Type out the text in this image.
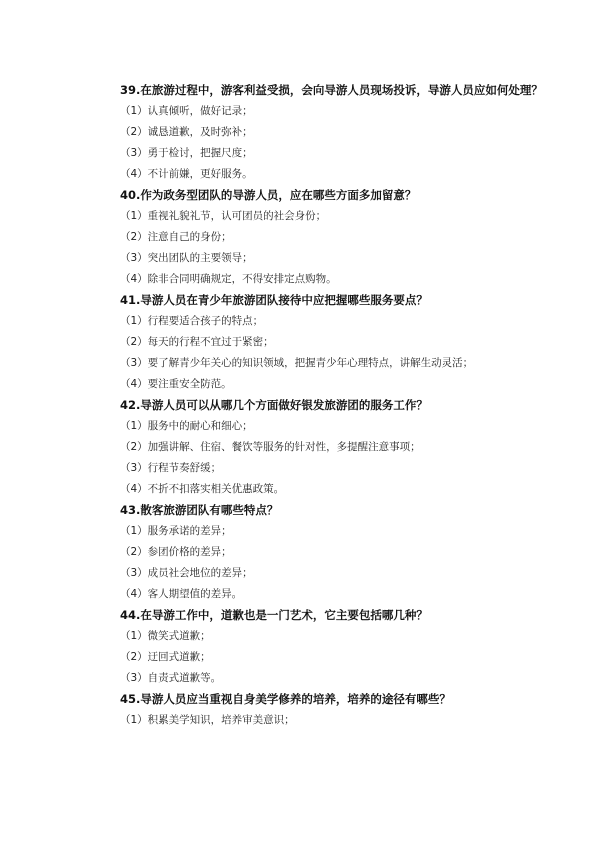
39.在旅游过程中，游客利益受损，会向导游人员现场投诉，导游人员应如何处理？
（1）认真倾听，做好记录；
（2）诚恳道歉，及时弥补；
（3）勇于检讨，把握尺度；
（4）不计前嫌，更好服务。
40.作为政务型团队的导游人员，应在哪些方面多加留意？
（1）重视礼貌礼节，认可团员的社会身份；
（2）注意自己的身份；
（3）突出团队的主要领导；
（4）除非合同明确规定，不得安排定点购物。
41.导游人员在青少年旅游团队接待中应把握哪些服务要点？
（1）行程要适合孩子的特点；
（2）每天的行程不宜过于紧密；
（3）要了解青少年关心的知识领域，把握青少年心理特点，讲解生动灵活；
（4）要注重安全防范。
42.导游人员可以从哪几个方面做好银发旅游团的服务工作？
（1）服务中的耐心和细心；
（2）加强讲解、住宿、餐饮等服务的针对性，多提醒注意事项；
（3）行程节奏舒缓；
（4）不折不扣落实相关优惠政策。
43.散客旅游团队有哪些特点？
（1）服务承诺的差异；
（2）参团价格的差异；
（3）成员社会地位的差异；
（4）客人期望值的差异。
44.在导游工作中，道歉也是一门艺术，它主要包括哪几种？
（1）微笑式道歉；
（2）迂回式道歉；
（3）自责式道歉等。
45.导游人员应当重视自身美学修养的培养，培养的途径有哪些？
（1）积累美学知识，培养审美意识；
